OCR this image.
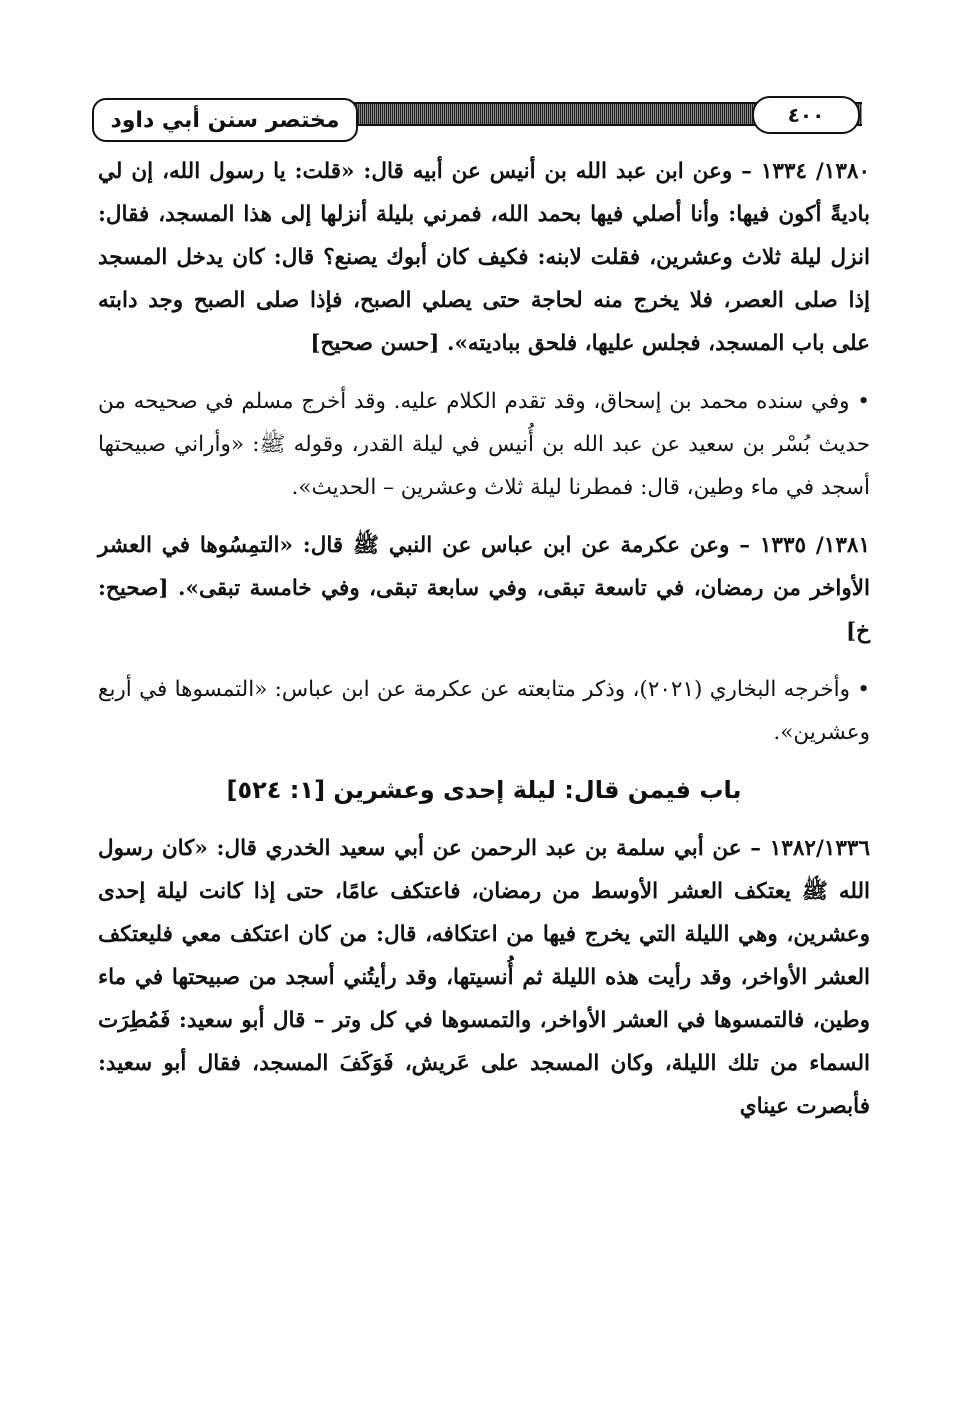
مختصر سنن أبي داود	٤٠٠

١٣٨٠/ ١٣٣٤ – وعن ابن عبد الله بن أنيس عن أبيه قال: «قلت: يا رسول الله، إن لي باديةً أكون فيها: وأنا أصلي فيها بحمد الله، فمرني بليلة أنزلها إلى هذا المسجد، فقال: انزل ليلة ثلاث وعشرين، فقلت لابنه: فكيف كان أبوك يصنع؟ قال: كان يدخل المسجد إذا صلى العصر، فلا يخرج منه لحاجة حتى يصلي الصبح، فإذا صلى الصبح وجد دابته على باب المسجد، فجلس عليها، فلحق بباديته». [حسن صحيح]

• وفي سنده محمد بن إسحاق، وقد تقدم الكلام عليه. وقد أخرج مسلم في صحيحه من حديث بُسْر بن سعيد عن عبد الله بن أُنيس في ليلة القدر، وقوله ﷺ: «وأراني صبيحتها أسجد في ماء وطين، قال: فمطرنا ليلة ثلاث وعشرين – الحديث».

١٣٨١/ ١٣٣٥ – وعن عكرمة عن ابن عباس عن النبي ﷺ قال: «التمِسُوها في العشر الأواخر من رمضان، في تاسعة تبقى، وفي سابعة تبقى، وفي خامسة تبقى». [صحيح: خ]

• وأخرجه البخاري (٢٠٢١)، وذكر متابعته عن عكرمة عن ابن عباس: «التمسوها في أربع وعشرين».

باب فيمن قال: ليلة إحدى وعشرين [١: ٥٢٤]

١٣٨٢/١٣٣٦ – عن أبي سلمة بن عبد الرحمن عن أبي سعيد الخدري قال: «كان رسول الله ﷺ يعتكف العشر الأوسط من رمضان، فاعتكف عامًا، حتى إذا كانت ليلة إحدى وعشرين، وهي الليلة التي يخرج فيها من اعتكافه، قال: من كان اعتكف معي فليعتكف العشر الأواخر، وقد رأيت هذه الليلة ثم أُنسيتها، وقد رأيتُني أسجد من صبيحتها في ماء وطين، فالتمسوها في العشر الأواخر، والتمسوها في كل وتر – قال أبو سعيد: فَمُطِرَت السماء من تلك الليلة، وكان المسجد على عَريش، فَوَكَفَ المسجد، فقال أبو سعيد: فأبصرت عيناي
